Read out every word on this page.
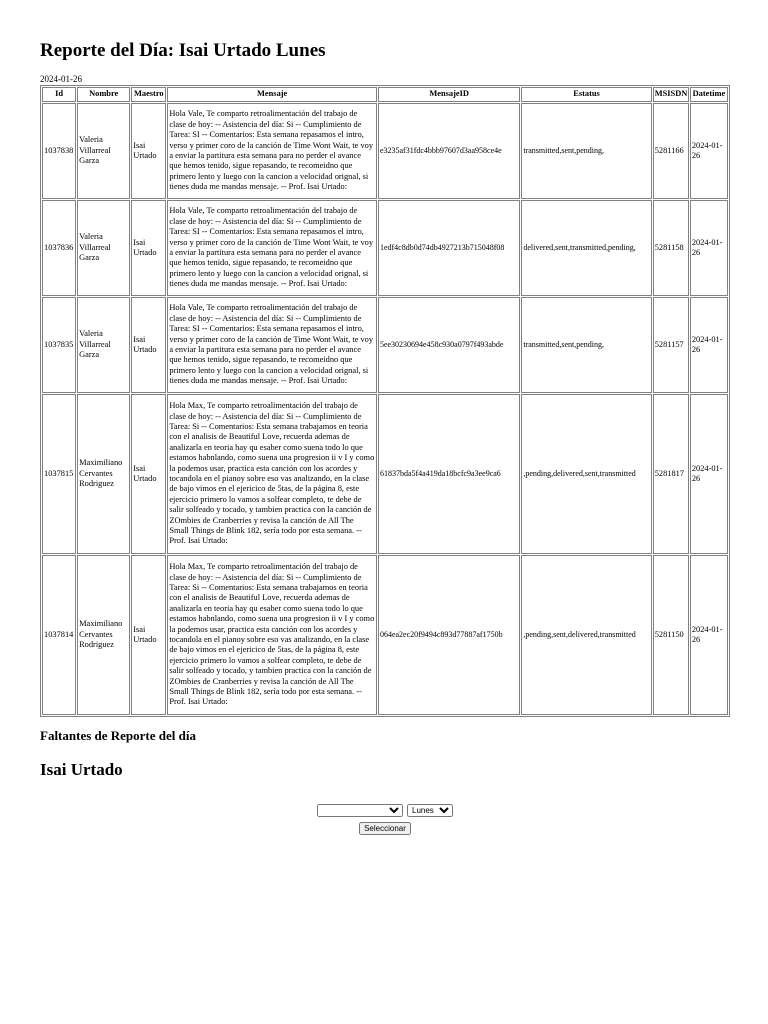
Reporte del Día: Isai Urtado Lunes
2024-01-26
Id	Nombre	Maestro	Mensaje	MensajeID	Estatus	MSISDN	Datetime
1037838	Valeria Villarreal Garza	Isai Urtado	Hola Vale, Te comparto retroalimentación del trabajo de clase de hoy: -- Asistencia del día: Si -- Cumplimiento de Tarea: SI -- Comentarios: Esta semana repasamos el intro, verso y primer coro de la canción de Time Wont Wait, te voy a enviar la partitura esta semana para no perder el avance que hemos tenido, sigue repasando, te recomeidno que primero lento y luego con la cancion a velocidad orignal, si tienes duda me mandas mensaje. -- Prof. Isai Urtado:	e3235af31fdc4bbb97607d3aa958ce4e	transmitted,sent,pending,	5281166	2024-01-26
1037836	Valeria Villarreal Garza	Isai Urtado	Hola Vale, Te comparto retroalimentación del trabajo de clase de hoy: -- Asistencia del día: Si -- Cumplimiento de Tarea: SI -- Comentarios: Esta semana repasamos el intro, verso y primer coro de la canción de Time Wont Wait, te voy a enviar la partitura esta semana para no perder el avance que hemos tenido, sigue repasando, te recomeidno que primero lento y luego con la cancion a velocidad orignal, si tienes duda me mandas mensaje. -- Prof. Isai Urtado:	1edf4c8db0d74db4927213b715048f08	delivered,sent,transmitted,pending,	5281158	2024-01-26
1037835	Valeria Villarreal Garza	Isai Urtado	Hola Vale, Te comparto retroalimentación del trabajo de clase de hoy: -- Asistencia del día: Si -- Cumplimiento de Tarea: SI -- Comentarios: Esta semana repasamos el intro, verso y primer coro de la canción de Time Wont Wait, te voy a enviar la partitura esta semana para no perder el avance que hemos tenido, sigue repasando, te recomeidno que primero lento y luego con la cancion a velocidad orignal, si tienes duda me mandas mensaje. -- Prof. Isai Urtado:	5ee30230694e458c930a0797f493abde	transmitted,sent,pending,	5281157	2024-01-26
1037815	Maximiliano Cervantes Rodriguez	Isai Urtado	Hola Max, Te comparto retroalimentación del trabajo de clase de hoy: -- Asistencia del día: Si -- Cumplimiento de Tarea: Si -- Comentarios: Esta semana trabajamos en teoria con el analisis de Beautiful Love, recuerda ademas de analizarla en teoria hay qu esaber como suena todo lo que estamos habnlando, como suena una progresion ii v I y como la podemos usar, practica esta canción con los acordes y tocandola en el pianoy sobre eso vas analizando, en la clase de bajo vimos en el ejericico de 5tas, de la página 8, este ejercicio primero lo vamos a solfear completo, te debe de salir solfeado y tocado, y tambien practica con la canción de ZOmbies de Cranberries y revisa la canción de All The Small Things de Blink 182, sería todo por esta semana. -- Prof. Isai Urtado:	61837bda5f4a419da18bcfc9a3ee9ca6	,pending,delivered,sent,transmitted	5281817	2024-01-26
1037814	Maximiliano Cervantes Rodriguez	Isai Urtado	Hola Max, Te comparto retroalimentación del trabajo de clase de hoy: -- Asistencia del día: Si -- Cumplimiento de Tarea: Si -- Comentarios: Esta semana trabajamos en teoria con el analisis de Beautiful Love, recuerda ademas de analizarla en teoria hay qu esaber como suena todo lo que estamos habnlando, como suena una progresion ii v I y como la podemos usar, practica esta canción con los acordes y tocandola en el pianoy sobre eso vas analizando, en la clase de bajo vimos en el ejericico de 5tas, de la página 8, este ejercicio primero lo vamos a solfear completo, te debe de salir solfeado y tocado, y tambien practica con la canción de ZOmbies de Cranberries y revisa la canción de All The Small Things de Blink 182, sería todo por esta semana. -- Prof. Isai Urtado:	064ea2ec20f9494c893d77887af1750b	,pending,sent,delivered,transmitted	5281150	2024-01-26
Faltantes de Reporte del día
Isai Urtado

Lunes
Seleccionar
